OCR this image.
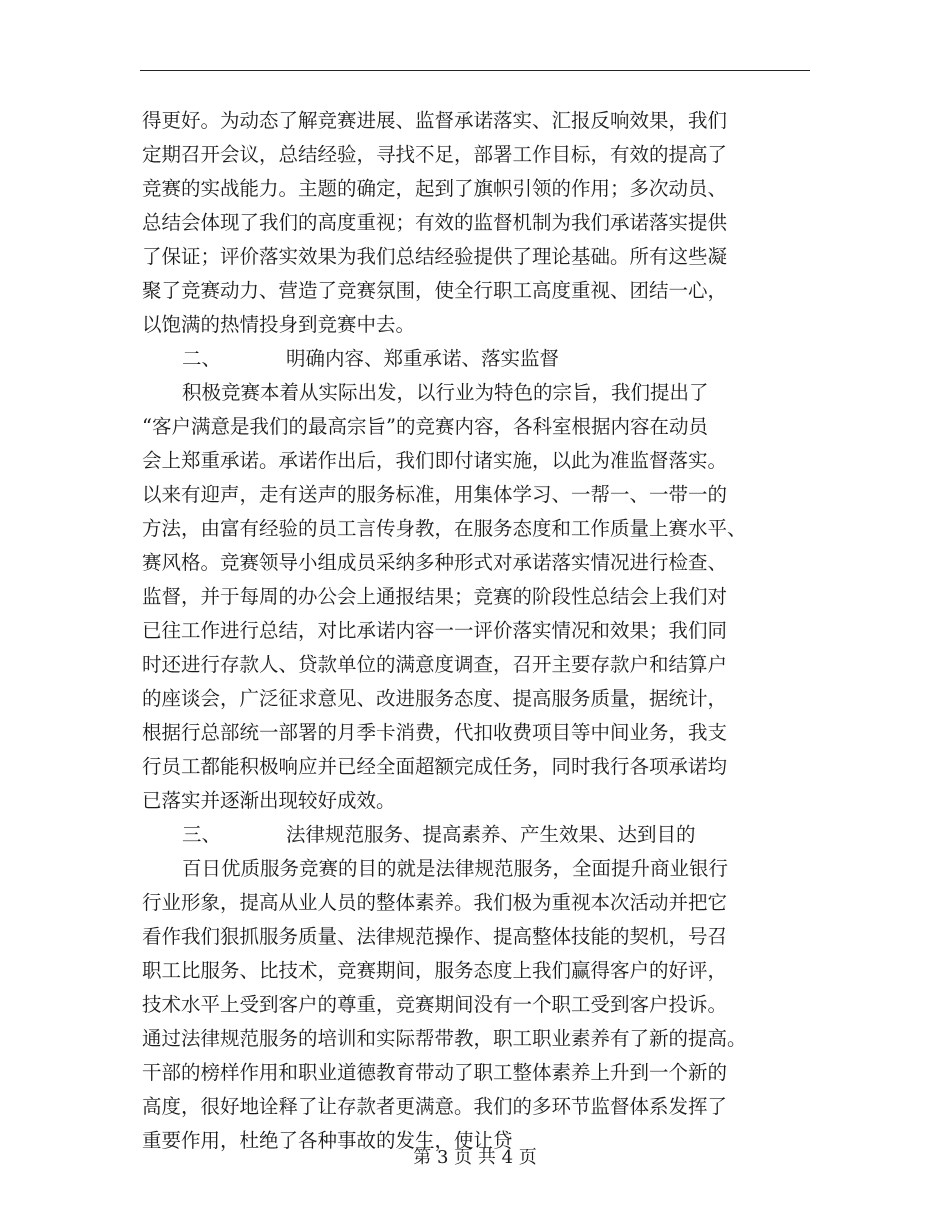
得更好。为动态了解竞赛进展、监督承诺落实、汇报反响效果，我们
定期召开会议，总结经验，寻找不足，部署工作目标，有效的提高了
竞赛的实战能力。主题的确定，起到了旗帜引领的作用；多次动员、
总结会体现了我们的高度重视；有效的监督机制为我们承诺落实提供
了保证；评价落实效果为我们总结经验提供了理论基础。所有这些凝
聚了竞赛动力、营造了竞赛氛围，使全行职工高度重视、团结一心，
以饱满的热情投身到竞赛中去。
二、	明确内容、郑重承诺、落实监督
积极竞赛本着从实际出发，以行业为特色的宗旨，我们提出了
“客户满意是我们的最高宗旨”的竞赛内容，各科室根据内容在动员
会上郑重承诺。承诺作出后，我们即付诸实施，以此为准监督落实。
以来有迎声，走有送声的服务标准，用集体学习、一帮一、一带一的
方法，由富有经验的员工言传身教，在服务态度和工作质量上赛水平、
赛风格。竞赛领导小组成员采纳多种形式对承诺落实情况进行检查、
监督，并于每周的办公会上通报结果；竞赛的阶段性总结会上我们对
已往工作进行总结，对比承诺内容一一评价落实情况和效果；我们同
时还进行存款人、贷款单位的满意度调查，召开主要存款户和结算户
的座谈会，广泛征求意见、改进服务态度、提高服务质量，据统计，
根据行总部统一部署的月季卡消费，代扣收费项目等中间业务，我支
行员工都能积极响应并已经全面超额完成任务，同时我行各项承诺均
已落实并逐渐出现较好成效。
三、	法律规范服务、提高素养、产生效果、达到目的
百日优质服务竞赛的目的就是法律规范服务，全面提升商业银行
行业形象，提高从业人员的整体素养。我们极为重视本次活动并把它
看作我们狠抓服务质量、法律规范操作、提高整体技能的契机，号召
职工比服务、比技术，竞赛期间，服务态度上我们赢得客户的好评，
技术水平上受到客户的尊重，竞赛期间没有一个职工受到客户投诉。
通过法律规范服务的培训和实际帮带教，职工职业素养有了新的提高。
干部的榜样作用和职业道德教育带动了职工整体素养上升到一个新的
高度，很好地诠释了让存款者更满意。我们的多环节监督体系发挥了
重要作用，杜绝了各种事故的发生，使让贷
第 3 页 共 4 页
